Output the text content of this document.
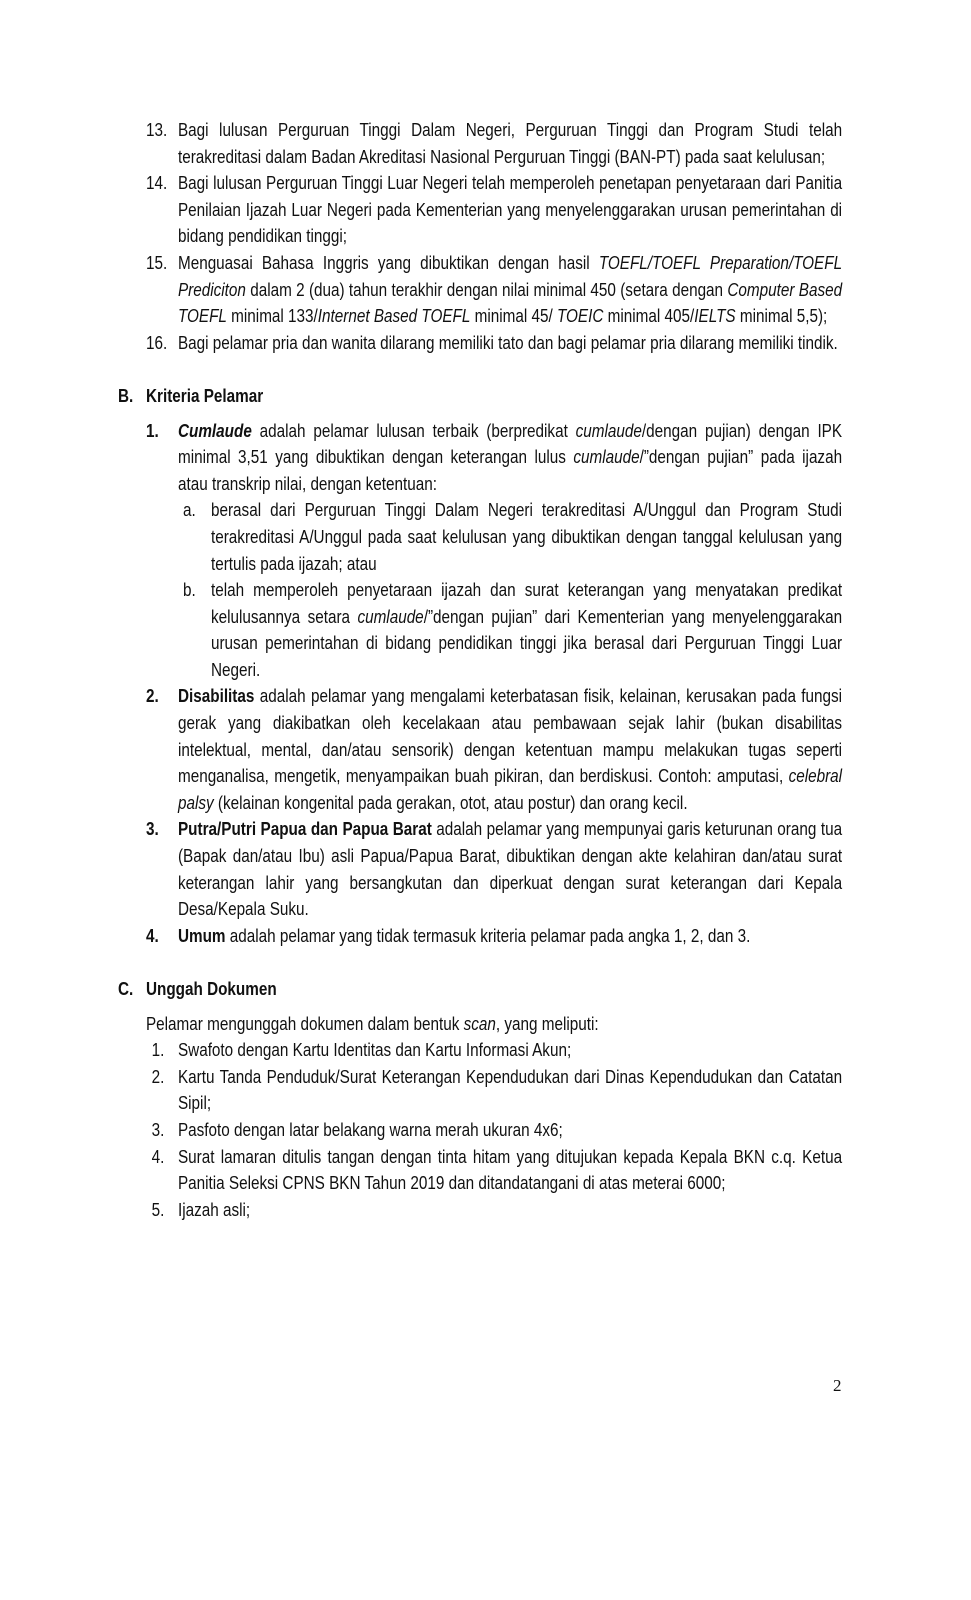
13. Bagi lulusan Perguruan Tinggi Dalam Negeri, Perguruan Tinggi dan Program Studi telah terakreditasi dalam Badan Akreditasi Nasional Perguruan Tinggi (BAN-PT) pada saat kelulusan;
14. Bagi lulusan Perguruan Tinggi Luar Negeri telah memperoleh penetapan penyetaraan dari Panitia Penilaian Ijazah Luar Negeri pada Kementerian yang menyelenggarakan urusan pemerintahan di bidang pendidikan tinggi;
15. Menguasai Bahasa Inggris yang dibuktikan dengan hasil TOEFL/TOEFL Preparation/TOEFL Prediciton dalam 2 (dua) tahun terakhir dengan nilai minimal 450 (setara dengan Computer Based TOEFL minimal 133/Internet Based TOEFL minimal 45/ TOEIC minimal 405/IELTS minimal 5,5);
16. Bagi pelamar pria dan wanita dilarang memiliki tato dan bagi pelamar pria dilarang memiliki tindik.
B. Kriteria Pelamar
1. Cumlaude adalah pelamar lulusan terbaik (berpredikat cumlaude/dengan pujian) dengan IPK minimal 3,51 yang dibuktikan dengan keterangan lulus cumlaude/”dengan pujian” pada ijazah atau transkrip nilai, dengan ketentuan:
a. berasal dari Perguruan Tinggi Dalam Negeri terakreditasi A/Unggul dan Program Studi terakreditasi A/Unggul pada saat kelulusan yang dibuktikan dengan tanggal kelulusan yang tertulis pada ijazah; atau
b. telah memperoleh penyetaraan ijazah dan surat keterangan yang menyatakan predikat kelulusannya setara cumlaude/”dengan pujian” dari Kementerian yang menyelenggarakan urusan pemerintahan di bidang pendidikan tinggi jika berasal dari Perguruan Tinggi Luar Negeri.
2. Disabilitas adalah pelamar yang mengalami keterbatasan fisik, kelainan, kerusakan pada fungsi gerak yang diakibatkan oleh kecelakaan atau pembawaan sejak lahir (bukan disabilitas intelektual, mental, dan/atau sensorik) dengan ketentuan mampu melakukan tugas seperti menganalisa, mengetik, menyampaikan buah pikiran, dan berdiskusi. Contoh: amputasi, celebral palsy (kelainan kongenital pada gerakan, otot, atau postur) dan orang kecil.
3. Putra/Putri Papua dan Papua Barat adalah pelamar yang mempunyai garis keturunan orang tua (Bapak dan/atau Ibu) asli Papua/Papua Barat, dibuktikan dengan akte kelahiran dan/atau surat keterangan lahir yang bersangkutan dan diperkuat dengan surat keterangan dari Kepala Desa/Kepala Suku.
4. Umum adalah pelamar yang tidak termasuk kriteria pelamar pada angka 1, 2, dan 3.
C. Unggah Dokumen
Pelamar mengunggah dokumen dalam bentuk scan, yang meliputi:
1. Swafoto dengan Kartu Identitas dan Kartu Informasi Akun;
2. Kartu Tanda Penduduk/Surat Keterangan Kependudukan dari Dinas Kependudukan dan Catatan Sipil;
3. Pasfoto dengan latar belakang warna merah ukuran 4x6;
4. Surat lamaran ditulis tangan dengan tinta hitam yang ditujukan kepada Kepala BKN c.q. Ketua Panitia Seleksi CPNS BKN Tahun 2019 dan ditandatangani di atas meterai 6000;
5. Ijazah asli;
2
